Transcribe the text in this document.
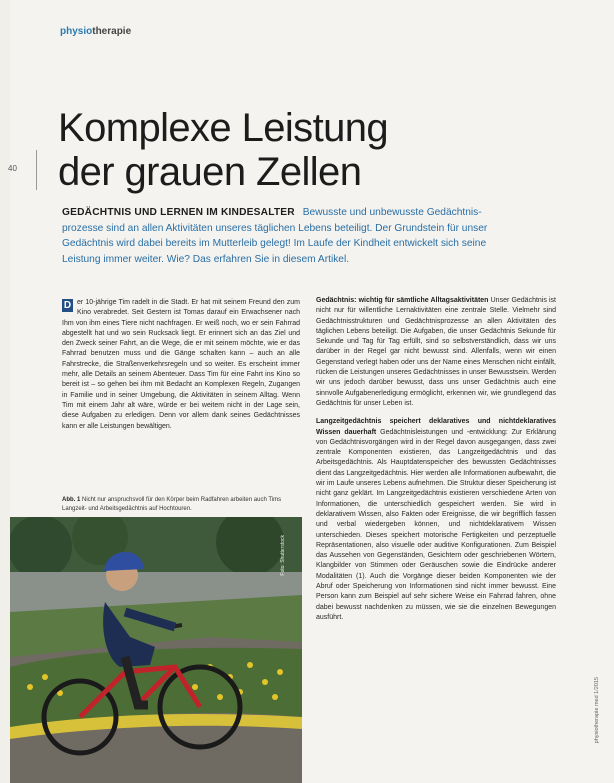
physiotherapie
40
Komplexe Leistung
der grauen Zellen

GEDÄCHTNIS UND LERNEN IM KINDESALTER Bewusste und unbewusste Gedächtnisprozesse sind an allen Aktivitäten unseres täglichen Lebens beteiligt. Der Grundstein für unser Gedächtnis wird dabei bereits im Mutterleib gelegt! Im Laufe der Kindheit entwickelt sich seine Leistung immer weiter. Wie? Das erfahren Sie in diesem Artikel.

D er 10-jährige Tim radelt in die Stadt. Er hat mit seinem Freund den zum Kino verabredet. Seit Gestern ist Tomas darauf ein Erwachsener nach Ihm von ihm eines Tiere nicht nachfragen. Er weiß noch, wo er sein Fahrrad abgestellt hat und wo sein Rucksack liegt. Er erinnert sich an das Ziel und den Zweck seiner Fahrt, an die Wege, die er mit seinem möchte, wie er das Fahrrad benutzen muss und die Gänge schalten kann – auch an alle Fahrstrecke, die Straßenverkehrsregeln und so weiter. Es erscheint immer mehr, alle Details an seinem Abenteuer. Dass Tim für eine Fahrt ins Kino so bereit ist – so gehen bei ihm mit Bedacht an Komplexen Regeln, Zugangen in Familie und in seiner Umgebung, die Aktivitäten in seinem Alltag. Wenn Tim mit einem Jahr alt wäre, würde er bei weitem nicht in der Lage sein, diese Aufgaben zu erledigen. Denn vor allem dank seines Gedächtnisses kann er alle Leistungen bewältigen.
Abb. 1 Nicht nur anspruchsvoll für den Körper beim Radfahren arbeiten auch Tims Langzeit- und Arbeitsgedächtnis auf Hochtouren.
Foto: Shutterstock
Gedächtnis: wichtig für sämtliche Alltagsaktivitäten Unser Gedächtnis ist nicht nur für willentliche Lernaktivitäten eine zentrale Stelle. Vielmehr sind Gedächtnisstrukturen und Gedächtnisprozesse an allen Aktivitäten des täglichen Lebens beteiligt. Die Aufgaben, die unser Gedächtnis Sekunde für Sekunde und Tag für Tag erfüllt, sind so selbstverständlich, dass wir uns darüber in der Regel gar nicht bewusst sind. Allenfalls, wenn wir einen Gegenstand verlegt haben oder uns der Name eines Menschen nicht einfällt, rücken die Leistungen unseres Gedächtnisses in unser Bewusstsein. Werden wir uns jedoch darüber bewusst, dass uns unser Gedächtnis auch eine sinnvolle Aufgabenerledigung ermöglicht, erkennen wir, wie grundlegend das Gedächtnis für unser Leben ist.
Langzeitgedächtnis speichert deklaratives und nichtdeklaratives Wissen dauerhaft Gedächtnisleistungen und -entwicklung: Zur Erklärung von Gedächtnisvorgängen wird in der Regel davon ausgegangen, dass zwei zentrale Komponenten existieren, das Langzeitgedächtnis und das Arbeitsgedächtnis. Als Hauptdatenspeicher des bewussten Gedächtnisses dient das Langzeitgedächtnis. Hier werden alle Informationen aufbewahrt, die wir im Laufe unseres Lebens aufnehmen. Die Struktur dieser Speicherung ist nicht ganz geklärt. Im Langzeitgedächtnis existieren verschiedene Arten von Informationen, die unterschiedlich gespeichert werden. Sie wird in deklarativem Wissen, also Fakten oder Ereignisse, die wir begrifflich fassen und verbal wiedergeben können, und nichtdeklarativem Wissen unterschieden. Dieses speichert motorische Fertigkeiten und perzeptuelle Repräsentationen, also visuelle oder auditive Konfigurationen. Zum Beispiel das Aussehen von Gegenständen, Gesichtern oder geschriebenen Wörtern, Klangbilder von Stimmen oder Geräuschen sowie die Eindrücke anderer Modalitäten (1). Auch die Vorgänge dieser beiden Komponenten wie der Abruf oder Speicherung von Informationen sind nicht immer bewusst. Eine Person kann zum Beispiel auf sehr sichere Weise ein Fahrrad fahren, ohne dabei bewusst nachdenken zu müssen, wie sie die einzelnen Bewegungen ausführt.
physiotherapie med 1/2015
